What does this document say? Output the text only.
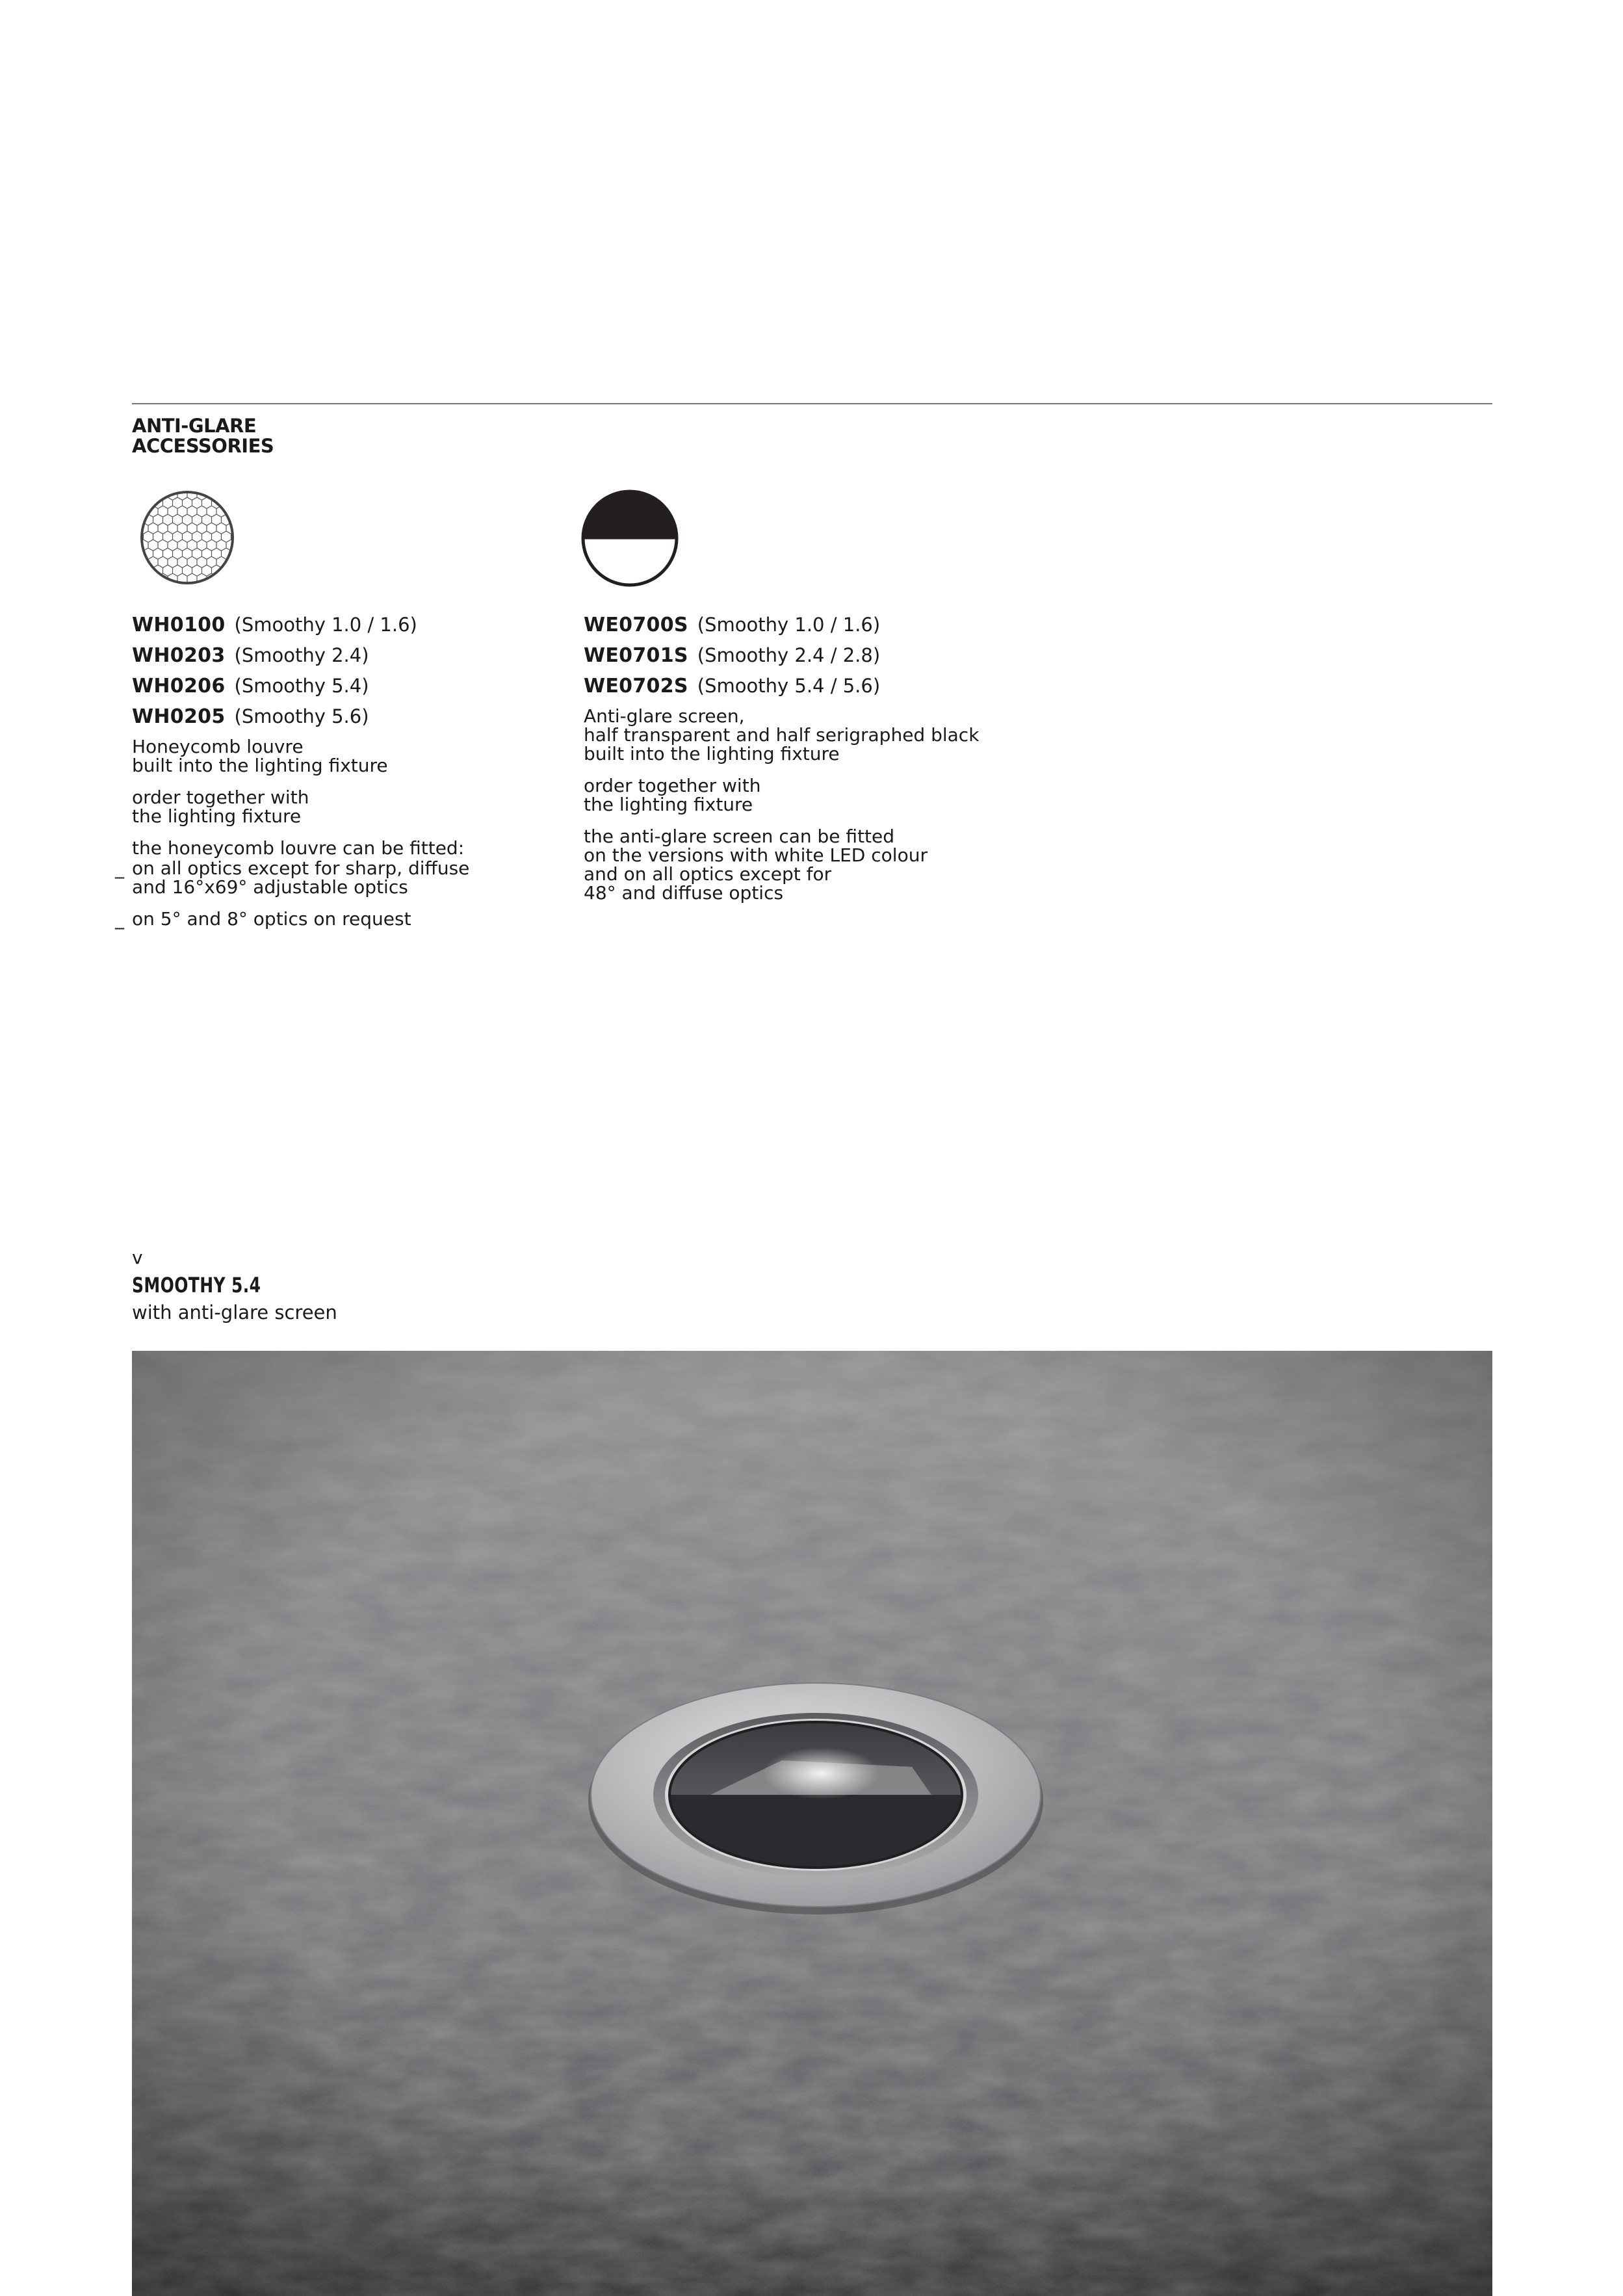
ANTI-GLARE
ACCESSORIES
WH0100 (Smoothy 1.0 / 1.6)
WH0203 (Smoothy 2.4)
WH0206 (Smoothy 5.4)
WH0205 (Smoothy 5.6)
Honeycomb louvre
built into the lighting fixture
order together with
the lighting fixture
the honeycomb louvre can be fitted:
_ on all optics except for sharp, diffuse
and 16°x69° adjustable optics
_ on 5° and 8° optics on request
WE0700S (Smoothy 1.0 / 1.6)
WE0701S (Smoothy 2.4 / 2.8)
WE0702S (Smoothy 5.4 / 5.6)
Anti-glare screen,
half transparent and half serigraphed black
built into the lighting fixture
order together with
the lighting fixture
the anti-glare screen can be fitted
on the versions with white LED colour
and on all optics except for
48° and diffuse optics
v
SMOOTHY 5.4
with anti-glare screen
